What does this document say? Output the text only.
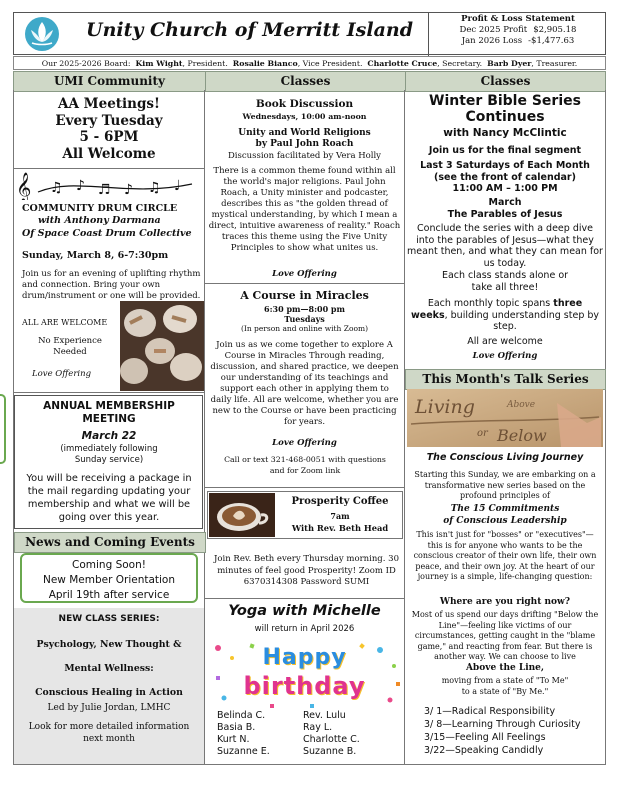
Unity Church of Merritt Island	Profit & Loss Statement
Dec 2025 Profit $2,905.18
Jan 2026 Loss -$1,477.63
Our 2025-2026 Board: Kim Wight, President. Rosalie Bianco, Vice President. Charlotte Cruce, Secretary. Barb Dyer, Treasurer.
UMI Community	Classes	Classes
AA Meetings!
Every Tuesday
5 - 6PM
All Welcome
𝄞 ♫ ♪ ♬ ♪ ♫ ♩
COMMUNITY DRUM CIRCLE
with Anthony Darmana
Of Space Coast Drum Collective
Sunday, March 8, 6-7:30pm
Join us for an evening of uplifting rhythm and connection. Bring your own drum/instrument or one will be provided.
ALL ARE WELCOME
No Experience
Needed
Love Offering
ANNUAL MEMBERSHIP
MEETING
March 22
(immediately following
Sunday service)
You will be receiving a package in the mail regarding updating your membership and what we will be going over this year.
News and Coming Events
Coming Soon!
New Member Orientation
April 19th after service
NEW CLASS SERIES:
Psychology, New Thought &
Mental Wellness:
Conscious Healing in Action
Led by Julie Jordan, LMHC
Look for more detailed information next month
Book Discussion
Wednesdays, 10:00 am-noon
Unity and World Religions
by Paul John Roach
Discussion facilitated by Vera Holly
There is a common theme found within all the world's major religions. Paul John Roach, a Unity minister and podcaster, describes this as "the golden thread of mystical understanding, by which I mean a direct, intuitive awareness of reality." Roach traces this theme using the Five Unity Principles to show what unites us.
Love Offering
A Course in Miracles
6:30 pm—8:00 pm
Tuesdays
(In person and online with Zoom)
Join us as we come together to explore A Course in Miracles Through reading, discussion, and shared practice, we deepen our understanding of its teachings and support each other in applying them to daily life. All are welcome, whether you are new to the Course or have been practicing for years.
Love Offering
Call or text 321-468-0051 with questions and for Zoom link
Prosperity Coffee
7am
With Rev. Beth Head
Join Rev. Beth every Thursday morning. 30 minutes of feel good Prosperity! Zoom ID 6370314308 Password SUMI
Yoga with Michelle
will return in April 2026
Happy
birthday
Belinda C.
Basia B.
Kurt N.
Suzanne E.
Rev. Lulu
Ray L.
Charlotte C.
Suzanne B.
Winter Bible Series
Continues
with Nancy McClintic
Join us for the final segment
Last 3 Saturdays of Each Month
(see the front of calendar)
11:00 AM – 1:00 PM
March
The Parables of Jesus
Conclude the series with a deep dive into the parables of Jesus—what they meant then, and what they can mean for us today.
Each class stands alone or take all three!
Each monthly topic spans three weeks, building understanding step by step.
All are welcome
Love Offering
This Month's Talk Series
Living	Above
or Below
The Conscious Living Journey
Starting this Sunday, we are embarking on a transformative new series based on the profound principles of
The 15 Commitments
of Conscious Leadership
This isn't just for "bosses" or "executives"— this is for anyone who wants to be the conscious creator of their own life, their own peace, and their own joy. At the heart of our journey is a simple, life-changing question:
Where are you right now?
Most of us spend our days drifting "Below the Line"—feeling like victims of our circumstances, getting caught in the "blame game," and reacting from fear. But there is another way. We can choose to live
Above the Line,
moving from a state of "To Me" to a state of "By Me."
3/ 1—Radical Responsibility
3/ 8—Learning Through Curiosity
3/15—Feeling All Feelings
3/22—Speaking Candidly
